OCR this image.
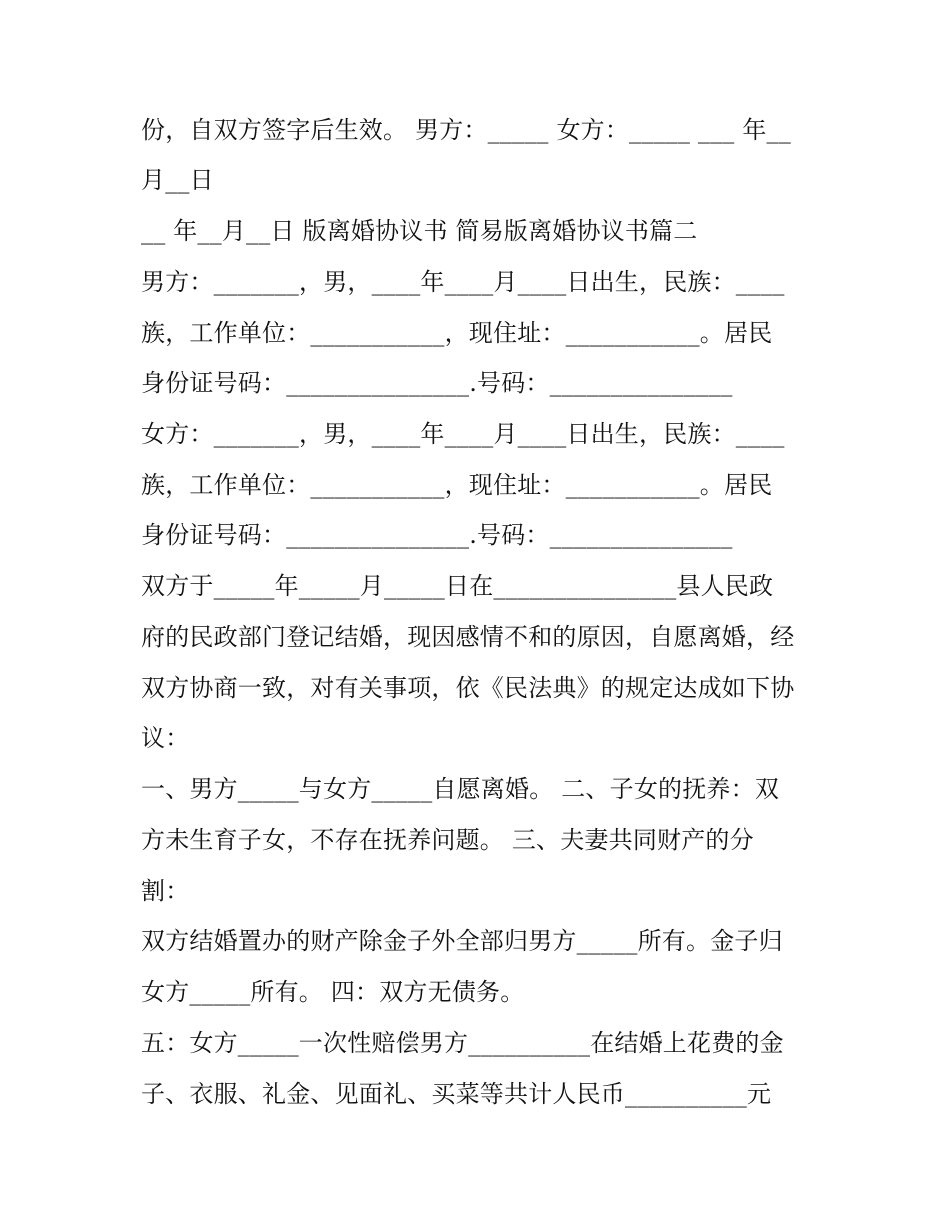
份，自双方签字后生效。 男方：_____ 女方：_____ ___ 年__
月__日
__ 年__月__日 版离婚协议书 简易版离婚协议书篇二
男方：_______，男，____年____月____日出生，民族：____
族，工作单位：___________，现住址：___________。居民
身份证号码：_______________.号码：_______________
女方：_______，男，____年____月____日出生，民族：____
族，工作单位：___________，现住址：___________。居民
身份证号码：_______________.号码：_______________
双方于_____年_____月_____日在_______________县人民政
府的民政部门登记结婚，现因感情不和的原因，自愿离婚，经
双方协商一致，对有关事项，依《民法典》的规定达成如下协
议：
一、男方_____与女方_____自愿离婚。 二、子女的抚养：双
方未生育子女，不存在抚养问题。 三、夫妻共同财产的分
割：
双方结婚置办的财产除金子外全部归男方_____所有。金子归
女方_____所有。 四：双方无债务。
五：女方_____一次性赔偿男方__________在结婚上花费的金
子、衣服、礼金、见面礼、买菜等共计人民币__________元
